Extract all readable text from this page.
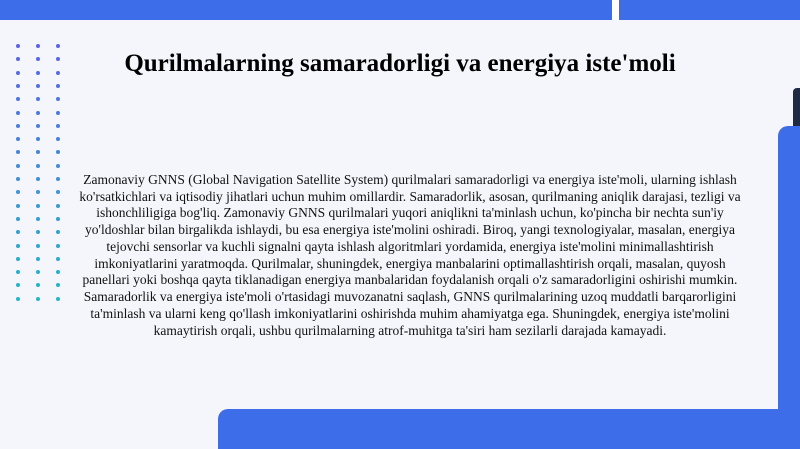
Qurilmalarning samaradorligi va energiya iste'moli

Zamonaviy GNNS (Global Navigation Satellite System) qurilmalari samaradorligi va energiya iste'moli, ularning ishlash ko'rsatkichlari va iqtisodiy jihatlari uchun muhim omillardir. Samaradorlik, asosan, qurilmaning aniqlik darajasi, tezligi va ishonchliligiga bog'liq. Zamonaviy GNNS qurilmalari yuqori aniqlikni ta'minlash uchun, ko'pincha bir nechta sun'iy yo'ldoshlar bilan birgalikda ishlaydi, bu esa energiya iste'molini oshiradi. Biroq, yangi texnologiyalar, masalan, energiya tejovchi sensorlar va kuchli signalni qayta ishlash algoritmlari yordamida, energiya iste'molini minimallashtirish imkoniyatlarini yaratmoqda. Qurilmalar, shuningdek, energiya manbalarini optimallashtirish orqali, masalan, quyosh panellari yoki boshqa qayta tiklanadigan energiya manbalaridan foydalanish orqali o'z samaradorligini oshirishi mumkin. Samaradorlik va energiya iste'moli o'rtasidagi muvozanatni saqlash, GNNS qurilmalarining uzoq muddatli barqarorligini ta'minlash va ularni keng qo'llash imkoniyatlarini oshirishda muhim ahamiyatga ega. Shuningdek, energiya iste'molini kamaytirish orqali, ushbu qurilmalarning atrof-muhitga ta'siri ham sezilarli darajada kamayadi.
